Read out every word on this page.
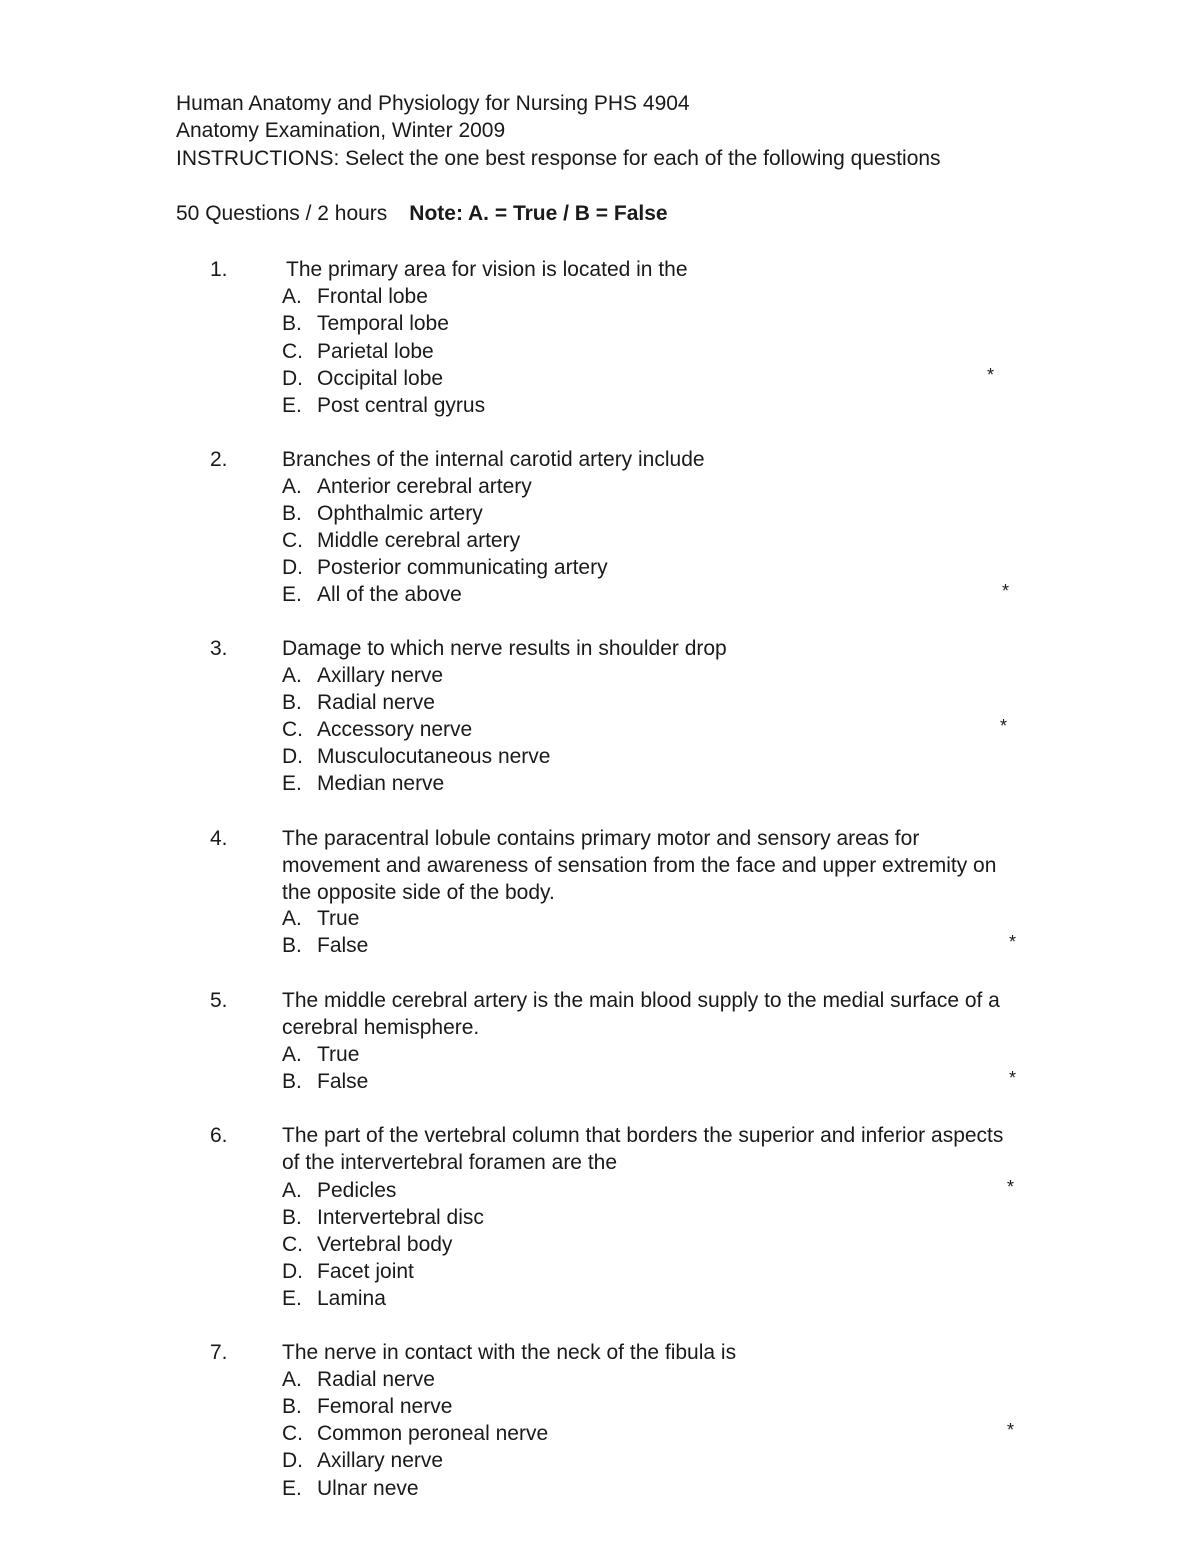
Human Anatomy and Physiology for Nursing PHS 4904
Anatomy Examination, Winter 2009
INSTRUCTIONS: Select the one best response for each of the following questions
50 Questions / 2 hours Note: A. = True / B = False
1.	The primary area for vision is located in the
A. Frontal lobe
B. Temporal lobe
C. Parietal lobe
D. Occipital lobe	*
E. Post central gyrus
2.	Branches of the internal carotid artery include
A. Anterior cerebral artery
B. Ophthalmic artery
C. Middle cerebral artery
D. Posterior communicating artery
E. All of the above	*
3.	Damage to which nerve results in shoulder drop
A. Axillary nerve
B. Radial nerve
C. Accessory nerve	*
D. Musculocutaneous nerve
E. Median nerve
4.	The paracentral lobule contains primary motor and sensory areas for movement and awareness of sensation from the face and upper extremity on the opposite side of the body.
A. True
B. False	*
5.	The middle cerebral artery is the main blood supply to the medial surface of a cerebral hemisphere.
A. True
B. False	*
6.	The part of the vertebral column that borders the superior and inferior aspects of the intervertebral foramen are the
A. Pedicles	*
B. Intervertebral disc
C. Vertebral body
D. Facet joint
E. Lamina
7.	The nerve in contact with the neck of the fibula is
A. Radial nerve
B. Femoral nerve
C. Common peroneal nerve	*
D. Axillary nerve
E. Ulnar neve
